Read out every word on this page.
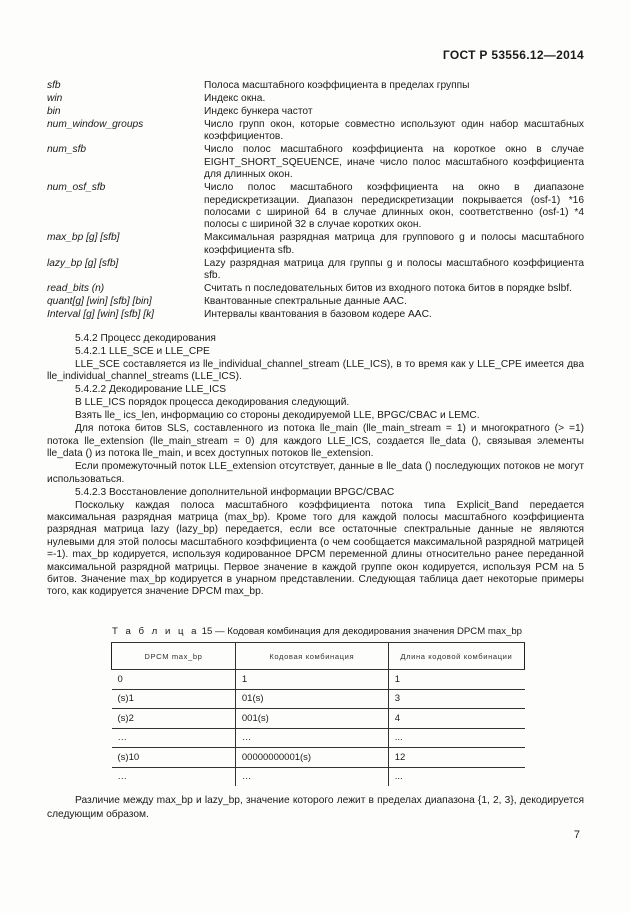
ГОСТ Р 53556.12—2014
sfb	Полоса масштабного коэффициента в пределах группы
win	Индекс окна.
bin	Индекс бункера частот
num_window_groups	Число групп окон, которые совместно используют один набор масштабных коэффициентов.
num_sfb	Число полос масштабного коэффициента на короткое окно в случае EIGHT_SHORT_SQEUENCE, иначе число полос масштабного коэффициента для длинных окон.
num_osf_sfb	Число полос масштабного коэффициента на окно в диапазоне передискретизации. Диапазон передискретизации покрывается (osf-1) *16 полосами с шириной 64 в случае длинных окон, соответственно (osf-1) *4 полосы с шириной 32 в случае коротких окон.
max_bp [g] [sfb]	Максимальная разрядная матрица для группового g и полосы масштабного коэффициента sfb.
lazy_bp [g] [sfb]	Lazy разрядная матрица для группы g и полосы масштабного коэффициента sfb.
read_bits (n)	Считать n последовательных битов из входного потока битов в порядке bslbf.
quant[g] [win] [sfb] [bin]	Квантованные спектральные данные AAC.
Interval [g] [win] [sfb] [k]	Интервалы квантования в базовом кодере AAC.

5.4.2 Процесс декодирования

5.4.2.1 LLE_SCE и LLE_CPE

LLE_SCE составляется из lle_individual_channel_stream (LLE_ICS), в то время как у LLE_CPE имеется два lle_individual_channel_streams (LLE_ICS).

5.4.2.2 Декодирование LLE_ICS

В LLE_ICS порядок процесса декодирования следующий.

Взять lle_ ics_len, информацию со стороны декодируемой LLE, BPGC/CBAC и LEMC.

Для потока битов SLS, составленного из потока lle_main (lle_main_stream = 1) и многократного (> =1) потока lle_extension (lle_main_stream = 0) для каждого LLE_ICS, создается lle_data (), связывая элементы lle_data () из потока lle_main, и всех доступных потоков lle_extension.

Если промежуточный поток LLE_extension отсутствует, данные в lle_data () последующих потоков не могут использоваться.

5.4.2.3 Восстановление дополнительной информации BPGC/CBAC

Поскольку каждая полоса масштабного коэффициента потока типа Explicit_Band передается максимальная разрядная матрица (max_bp). Кроме того для каждой полосы масштабного коэффициента разрядная матрица lazy (lazy_bp) передается, если все остаточные спектральные данные не являются нулевыми для этой полосы масштабного коэффициента (о чем сообщается максимальной разрядной матрицей =-1). max_bp кодируется, используя кодированное DPCM переменной длины относительно ранее переданной максимальной разрядной матрицы. Первое значение в каждой группе окон кодируется, используя PCM на 5 битов. Значение max_bp кодируется в унарном представлении. Следующая таблица дает некоторые примеры того, как кодируется значение DPCM max_bp.

Т а б л и ц а 15 — Кодовая комбинация для декодирования значения DPCM max_bp
DPCM max_bp	Кодовая комбинация	Длина кодовой комбинации
0	1	1
(s)1	01(s)	3
(s)2	001(s)	4
…	…	...
(s)10	00000000001(s)	12
…	…	...

Различие между max_bp и lazy_bp, значение которого лежит в пределах диапазона {1, 2, 3}, декодируется следующим образом.

7
